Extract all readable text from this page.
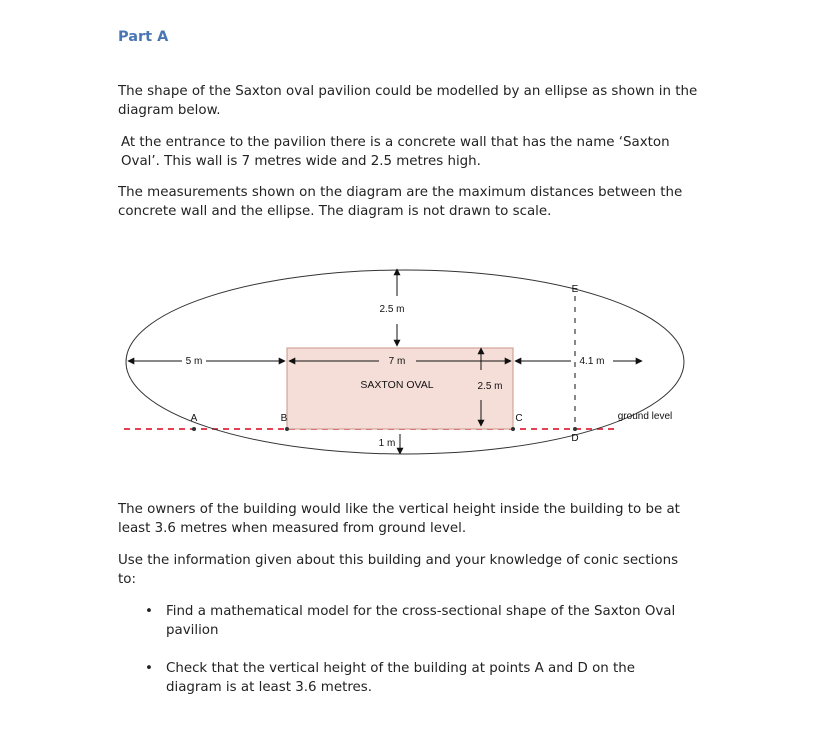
Part A

The shape of the Saxton oval pavilion could be modelled by an ellipse as shown in the diagram below.

At the entrance to the pavilion there is a concrete wall that has the name ‘Saxton Oval’. This wall is 7 metres wide and 2.5 metres high.

The measurements shown on the diagram are the maximum distances between the concrete wall and the ellipse. The diagram is not drawn to scale.

SAXTON OVAL
2.5 m
7 m
5 m
2.5 m
4.1 m
1 m
A	B	C
D
E
ground level

The owners of the building would like the vertical height inside the building to be at least 3.6 metres when measured from ground level.

Use the information given about this building and your knowledge of conic sections to:

• Find a mathematical model for the cross-sectional shape of the Saxton Oval pavilion
• Check that the vertical height of the building at points A and D on the diagram is at least 3.6 metres.
